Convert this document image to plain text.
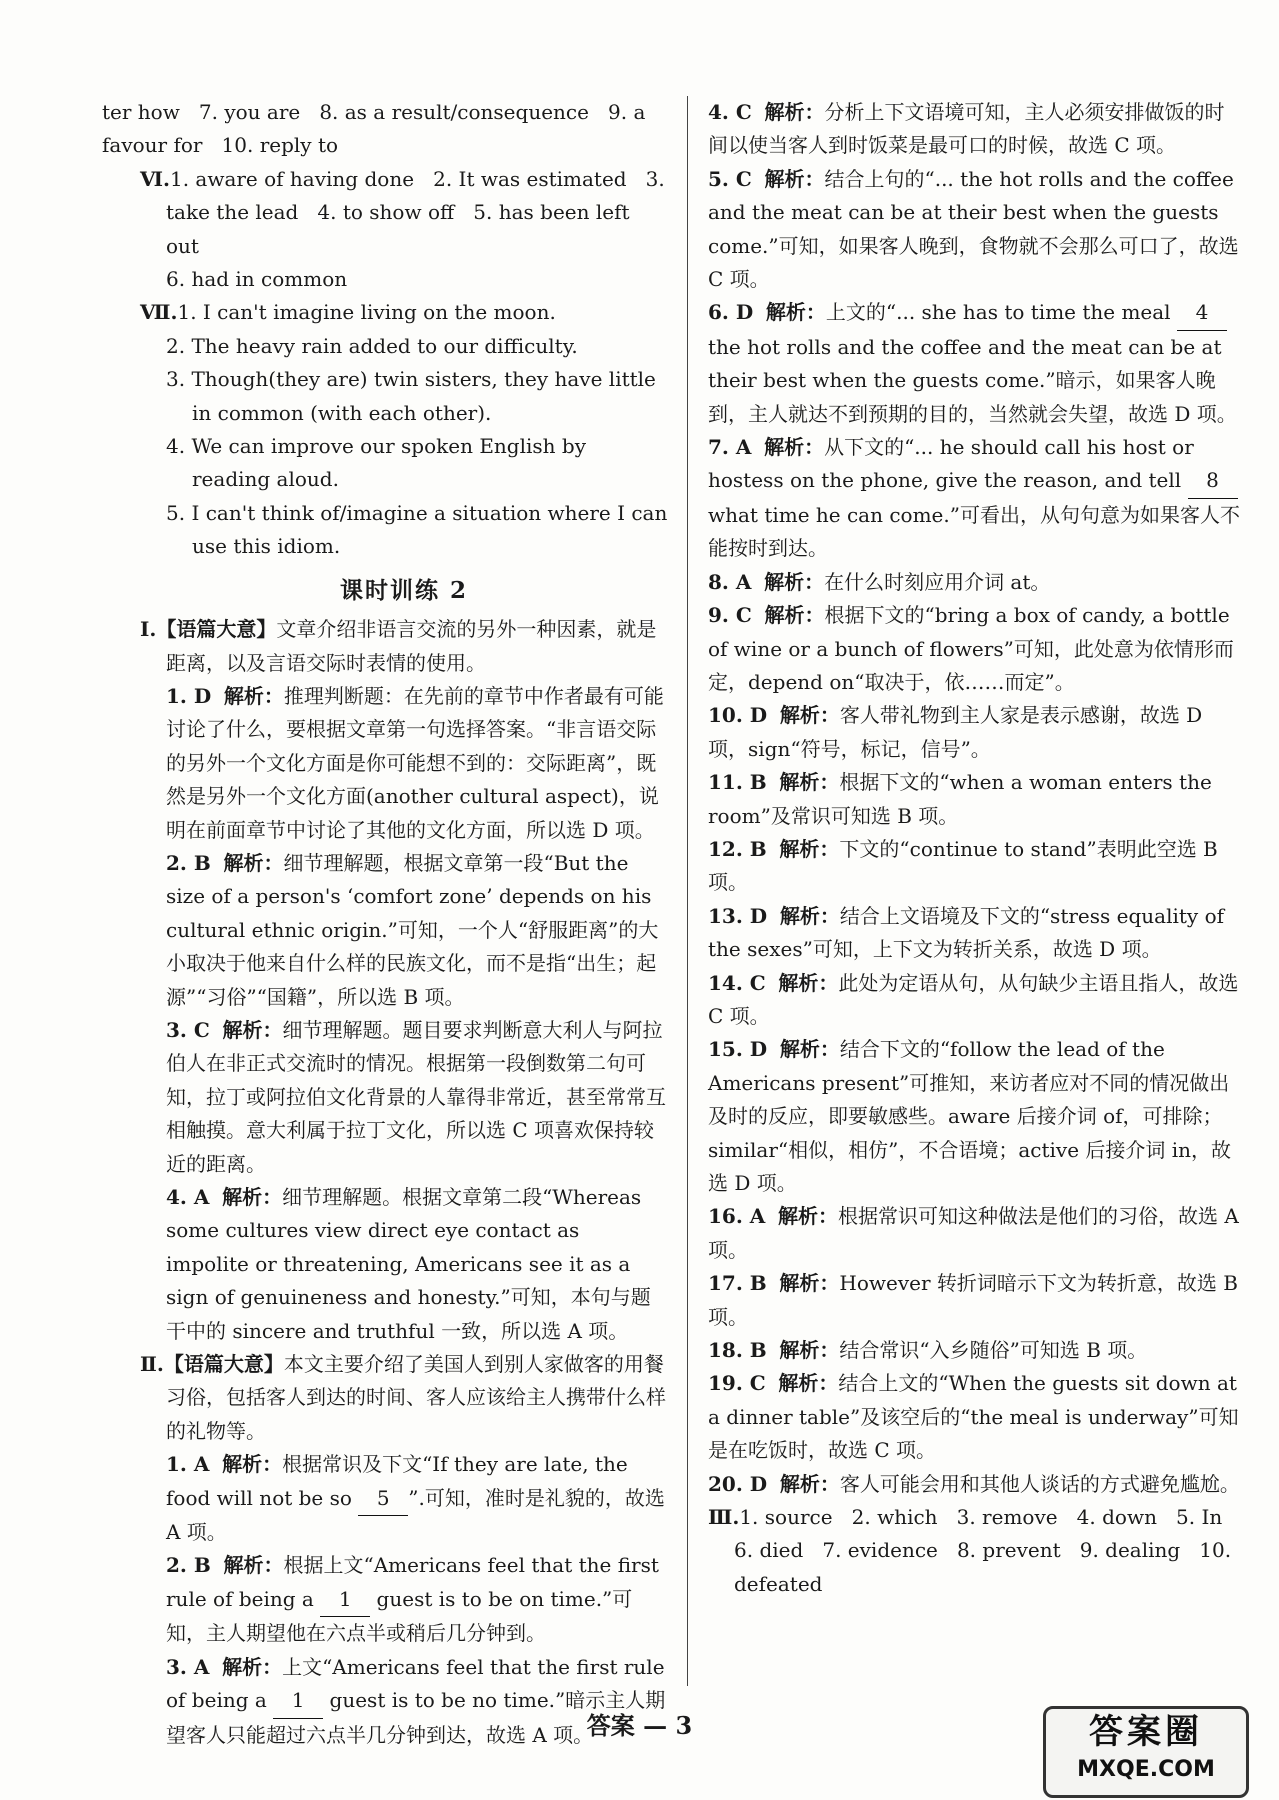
ter how   7. you are   8. as a result/consequence   9. a favour for   10. reply to
Ⅵ.1. aware of having done   2. It was estimated   3. take the lead   4. to show off   5. has been left out
6. had in common
Ⅶ.1. I can't imagine living on the moon.
2. The heavy rain added to our difficulty.
3. Though(they are) twin sisters, they have little in common (with each other).
4. We can improve our spoken English by reading aloud.
5. I can't think of/imagine a situation where I can use this idiom.
课时训练 2
Ⅰ.【语篇大意】文章介绍非语言交流的另外一种因素，就是距离，以及言语交际时表情的使用。
1. D 解析：推理判断题：在先前的章节中作者最有可能讨论了什么，要根据文章第一句选择答案。“非言语交际的另外一个文化方面是你可能想不到的：交际距离”，既然是另外一个文化方面(another cultural aspect)，说明在前面章节中讨论了其他的文化方面，所以选 D 项。
2. B 解析：细节理解题，根据文章第一段“But the size of a person's ‘comfort zone’ depends on his cultural ethnic origin.”可知，一个人“舒服距离”的大小取决于他来自什么样的民族文化，而不是指“出生；起源”“习俗”“国籍”，所以选 B 项。
3. C 解析：细节理解题。题目要求判断意大利人与阿拉伯人在非正式交流时的情况。根据第一段倒数第二句可知，拉丁或阿拉伯文化背景的人靠得非常近，甚至常常互相触摸。意大利属于拉丁文化，所以选 C 项喜欢保持较近的距离。
4. A 解析：细节理解题。根据文章第二段“Whereas some cultures view direct eye contact as impolite or threatening, Americans see it as a sign of genuineness and honesty.”可知，本句与题干中的 sincere and truthful 一致，所以选 A 项。
Ⅱ.【语篇大意】本文主要介绍了美国人到别人家做客的用餐习俗，包括客人到达的时间、客人应该给主人携带什么样的礼物等。
1. A 解析：根据常识及下文“If they are late, the food will not be so 5 ”.可知，准时是礼貌的，故选 A 项。
2. B 解析：根据上文“Americans feel that the first rule of being a 1 guest is to be on time.”可知，主人期望他在六点半或稍后几分钟到。
3. A 解析：上文“Americans feel that the first rule of being a 1 guest is to be no time.”暗示主人期望客人只能超过六点半几分钟到达，故选 A 项。
4. C 解析：分析上下文语境可知，主人必须安排做饭的时间以使当客人到时饭菜是最可口的时候，故选 C 项。
5. C 解析：结合上句的“... the hot rolls and the coffee and the meat can be at their best when the guests come.”可知，如果客人晚到，食物就不会那么可口了，故选 C 项。
6. D 解析：上文的“... she has to time the meal 4 the hot rolls and the coffee and the meat can be at their best when the guests come.”暗示，如果客人晚到，主人就达不到预期的目的，当然就会失望，故选 D 项。
7. A 解析：从下文的“... he should call his host or hostess on the phone, give the reason, and tell 8 what time he can come.”可看出，从句句意为如果客人不能按时到达。
8. A 解析：在什么时刻应用介词 at。
9. C 解析：根据下文的“bring a box of candy, a bottle of wine or a bunch of flowers”可知，此处意为依情形而定，depend on“取决于，依……而定”。
10. D 解析：客人带礼物到主人家是表示感谢，故选 D 项，sign“符号，标记，信号”。
11. B 解析：根据下文的“when a woman enters the room”及常识可知选 B 项。
12. B 解析：下文的“continue to stand”表明此空选 B 项。
13. D 解析：结合上文语境及下文的“stress equality of the sexes”可知，上下文为转折关系，故选 D 项。
14. C 解析：此处为定语从句，从句缺少主语且指人，故选 C 项。
15. D 解析：结合下文的“follow the lead of the Americans present”可推知，来访者应对不同的情况做出及时的反应，即要敏感些。aware 后接介词 of，可排除；similar“相似，相仿”，不合语境；active 后接介词 in，故选 D 项。
16. A 解析：根据常识可知这种做法是他们的习俗，故选 A 项。
17. B 解析：However 转折词暗示下文为转折意，故选 B 项。
18. B 解析：结合常识“入乡随俗”可知选 B 项。
19. C 解析：结合上文的“When the guests sit down at a dinner table”及该空后的“the meal is underway”可知是在吃饭时，故选 C 项。
20. D 解析：客人可能会用和其他人谈话的方式避免尴尬。
Ⅲ.1. source   2. which   3. remove   4. down   5. In   6. died   7. evidence   8. prevent   9. dealing   10. defeated
答案 — 3	答案圈
MXQE.COM
